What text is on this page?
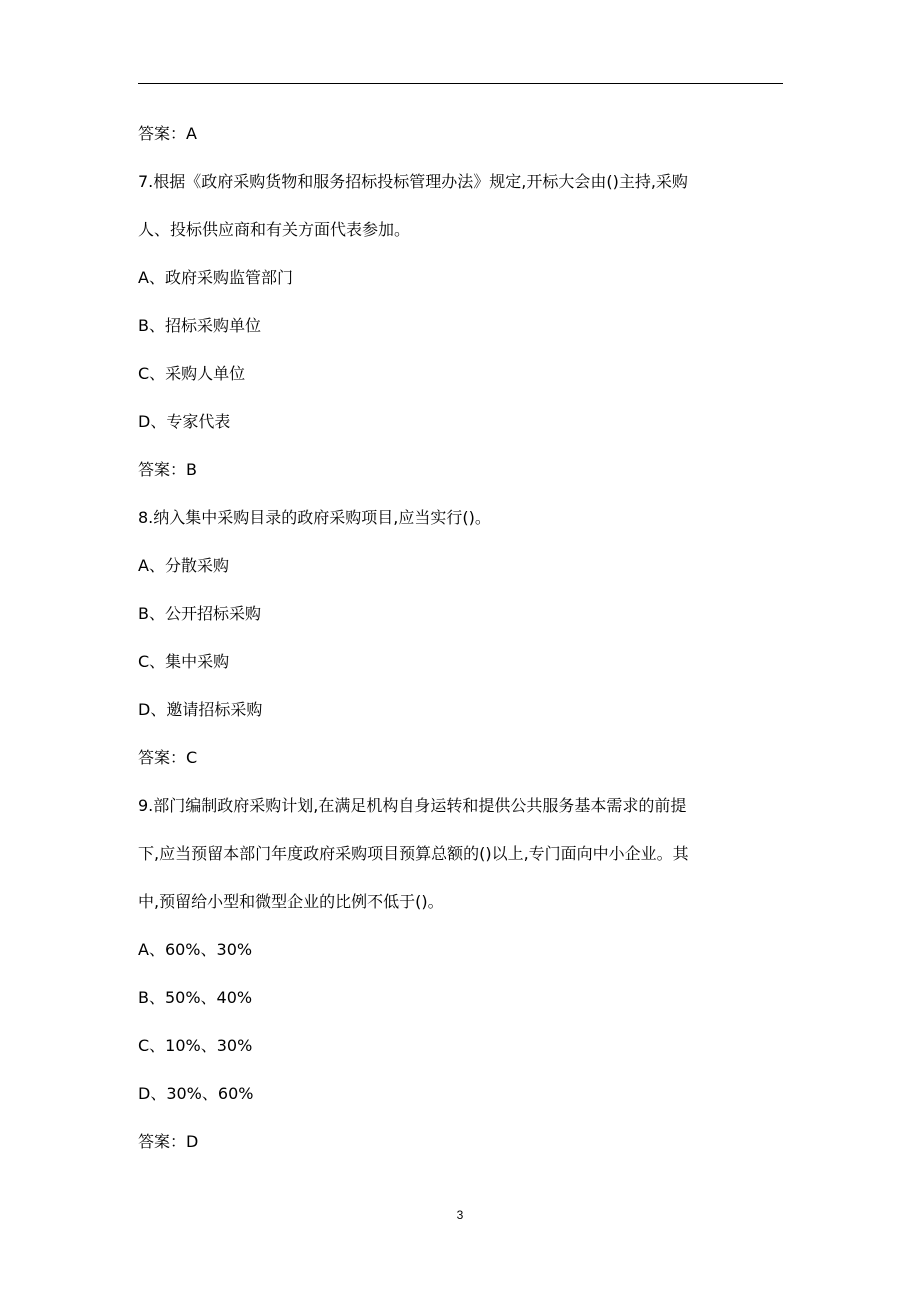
答案：A
7.根据《政府采购货物和服务招标投标管理办法》规定,开标大会由()主持,采购
人、投标供应商和有关方面代表参加。
A、政府采购监管部门
B、招标采购单位
C、采购人单位
D、专家代表
答案：B
8.纳入集中采购目录的政府采购项目,应当实行()。
A、分散采购
B、公开招标采购
C、集中采购
D、邀请招标采购
答案：C
9.部门编制政府采购计划,在满足机构自身运转和提供公共服务基本需求的前提
下,应当预留本部门年度政府采购项目预算总额的()以上,专门面向中小企业。其
中,预留给小型和微型企业的比例不低于()。
A、60%、30%
B、50%、40%
C、10%、30%
D、30%、60%
答案：D
3
